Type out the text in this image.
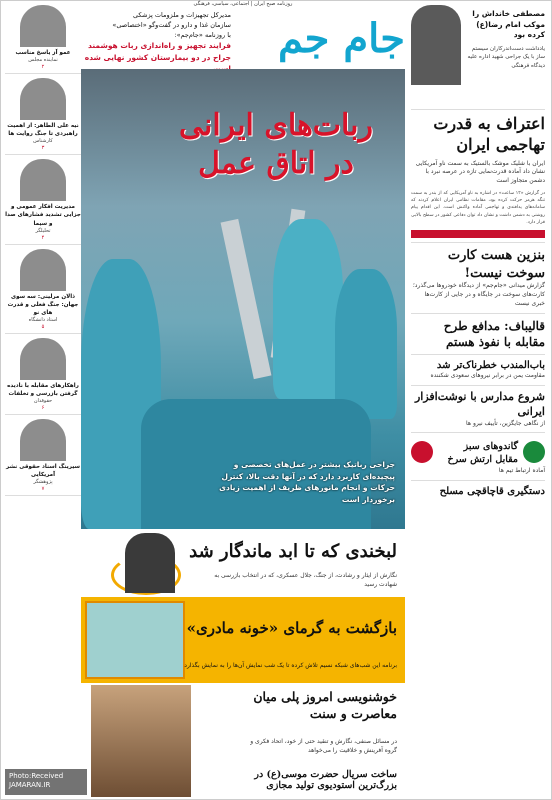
روزنامه صبح ایران | اجتماعی، سیاسی، فرهنگی
مصطفی خانداش را موکب امام رضا(ع) کرده بود
یادداشت دست‌اندرکاران سیستم ساز با یک جراحی شهید اداره علیه دیدگاه فرهنگی
اعتراف به قدرت تهاجمی ایران
ایران با شلیک موشک بالستیک به سمت ناو آمریکایی نشان داد آماده قدرت‌نمایی تازه در عرصه نبرد با دشمن متجاوز است
در گزارش «۱۲ ساعت» در اشاره به ناو آمریکایی که از بندر به سمت تنگه هرمز حرکت کرده بود، مقامات نظامی ایران اعلام کردند که سامانه‌های پدافندی و تهاجمی آماده واکنش است. این اقدام پیام روشنی به دشمن داشت و نشان داد توان دفاعی کشور در سطح بالایی قرار دارد.
بنزین هست کارت سوخت نیست!
گزارش میدانی «جام‌جم» از دیدگاه خودروها می‌گذرد؛ کارت‌های سوخت در جایگاه و در جایی از کارت‌ها خبری نیست
قالیباف: مدافع طرح مقابله با نفوذ هستم
باب‌المندب خطرناک‌تر شد
مقاومت یمن در برابر نیروهای سعودی شکننده
شروع مدارس با نوشت‌افزار ایرانی
از نگاهی جایگزین، تأییف نیرو ها
گاندوهای سبز مقابل ارتش سرخ
آماده ارتباط تیم ها
دستگیری قاچاقچی مسلح
جام جم
مدیرکل تجهیزات و ملزومات پزشکی
سازمان غذا و دارو در گفت‌وگو «اختصاصی»
با روزنامه «جام‌جم»:
فرایند تجهیز و راه‌اندازی ربات هوشمند جراح در دو بیمارستان کشور نهایی شده
ربات‌های ایرانی در اتاق عمل
جراحی رباتیک بیشتر در عمل‌های تخصصی و پیچیده‌ای کاربرد دارد که در آنها دقت بالا، کنترل حرکات و انجام مانورهای ظریف از اهمیت زیادی برخوردار است
لبخندی که تا ابد ماندگار شد
نگارش از ایثار و رشادت، از جنگ، جلال عسکری، که در انتخاب بازرسی به شهادت رسید
بازگشت به گرمای «خونه مادری»
برنامه این شب‌های شبکه نسیم تلاش کرده تا یک شب نمایش آن‌ها را به نمایش بگذارد
خوشنویسی امروز پلی میان معاصرت و سنت
در مسائل صنفی، نگارش و تنقید حتی از خود، اتحاد فکری و گروه آفرینش و خلاقیت را می‌خواهد
ساخت سریال حضرت موسی(ع) در بزرگ‌ترین استودیوی تولید مجازی
عمو آز یاسخ مناسب
نماینده مجلس
۲
نیه علی الطاهر: از اهمیت راهبردی تا جنگ روایت ها
کارشناس
۳
مدیریت افکار عمومی و جزایی تشدید فشارهای صدا و سیما
تحلیلگر
۴
ذالان مرلینی: سه سوی جهان: جنگ فعلی و قدرت های نو
استاد دانشگاه
۵
راهکارهای مقابله با نادیده گرفتن بازرسی و تخلفات
حقوقدان
۶
سیرینگ اسناد حقوقی نشر آمریکایی
پژوهشگر
۷
Photo:Received
JAMARAN.IR
